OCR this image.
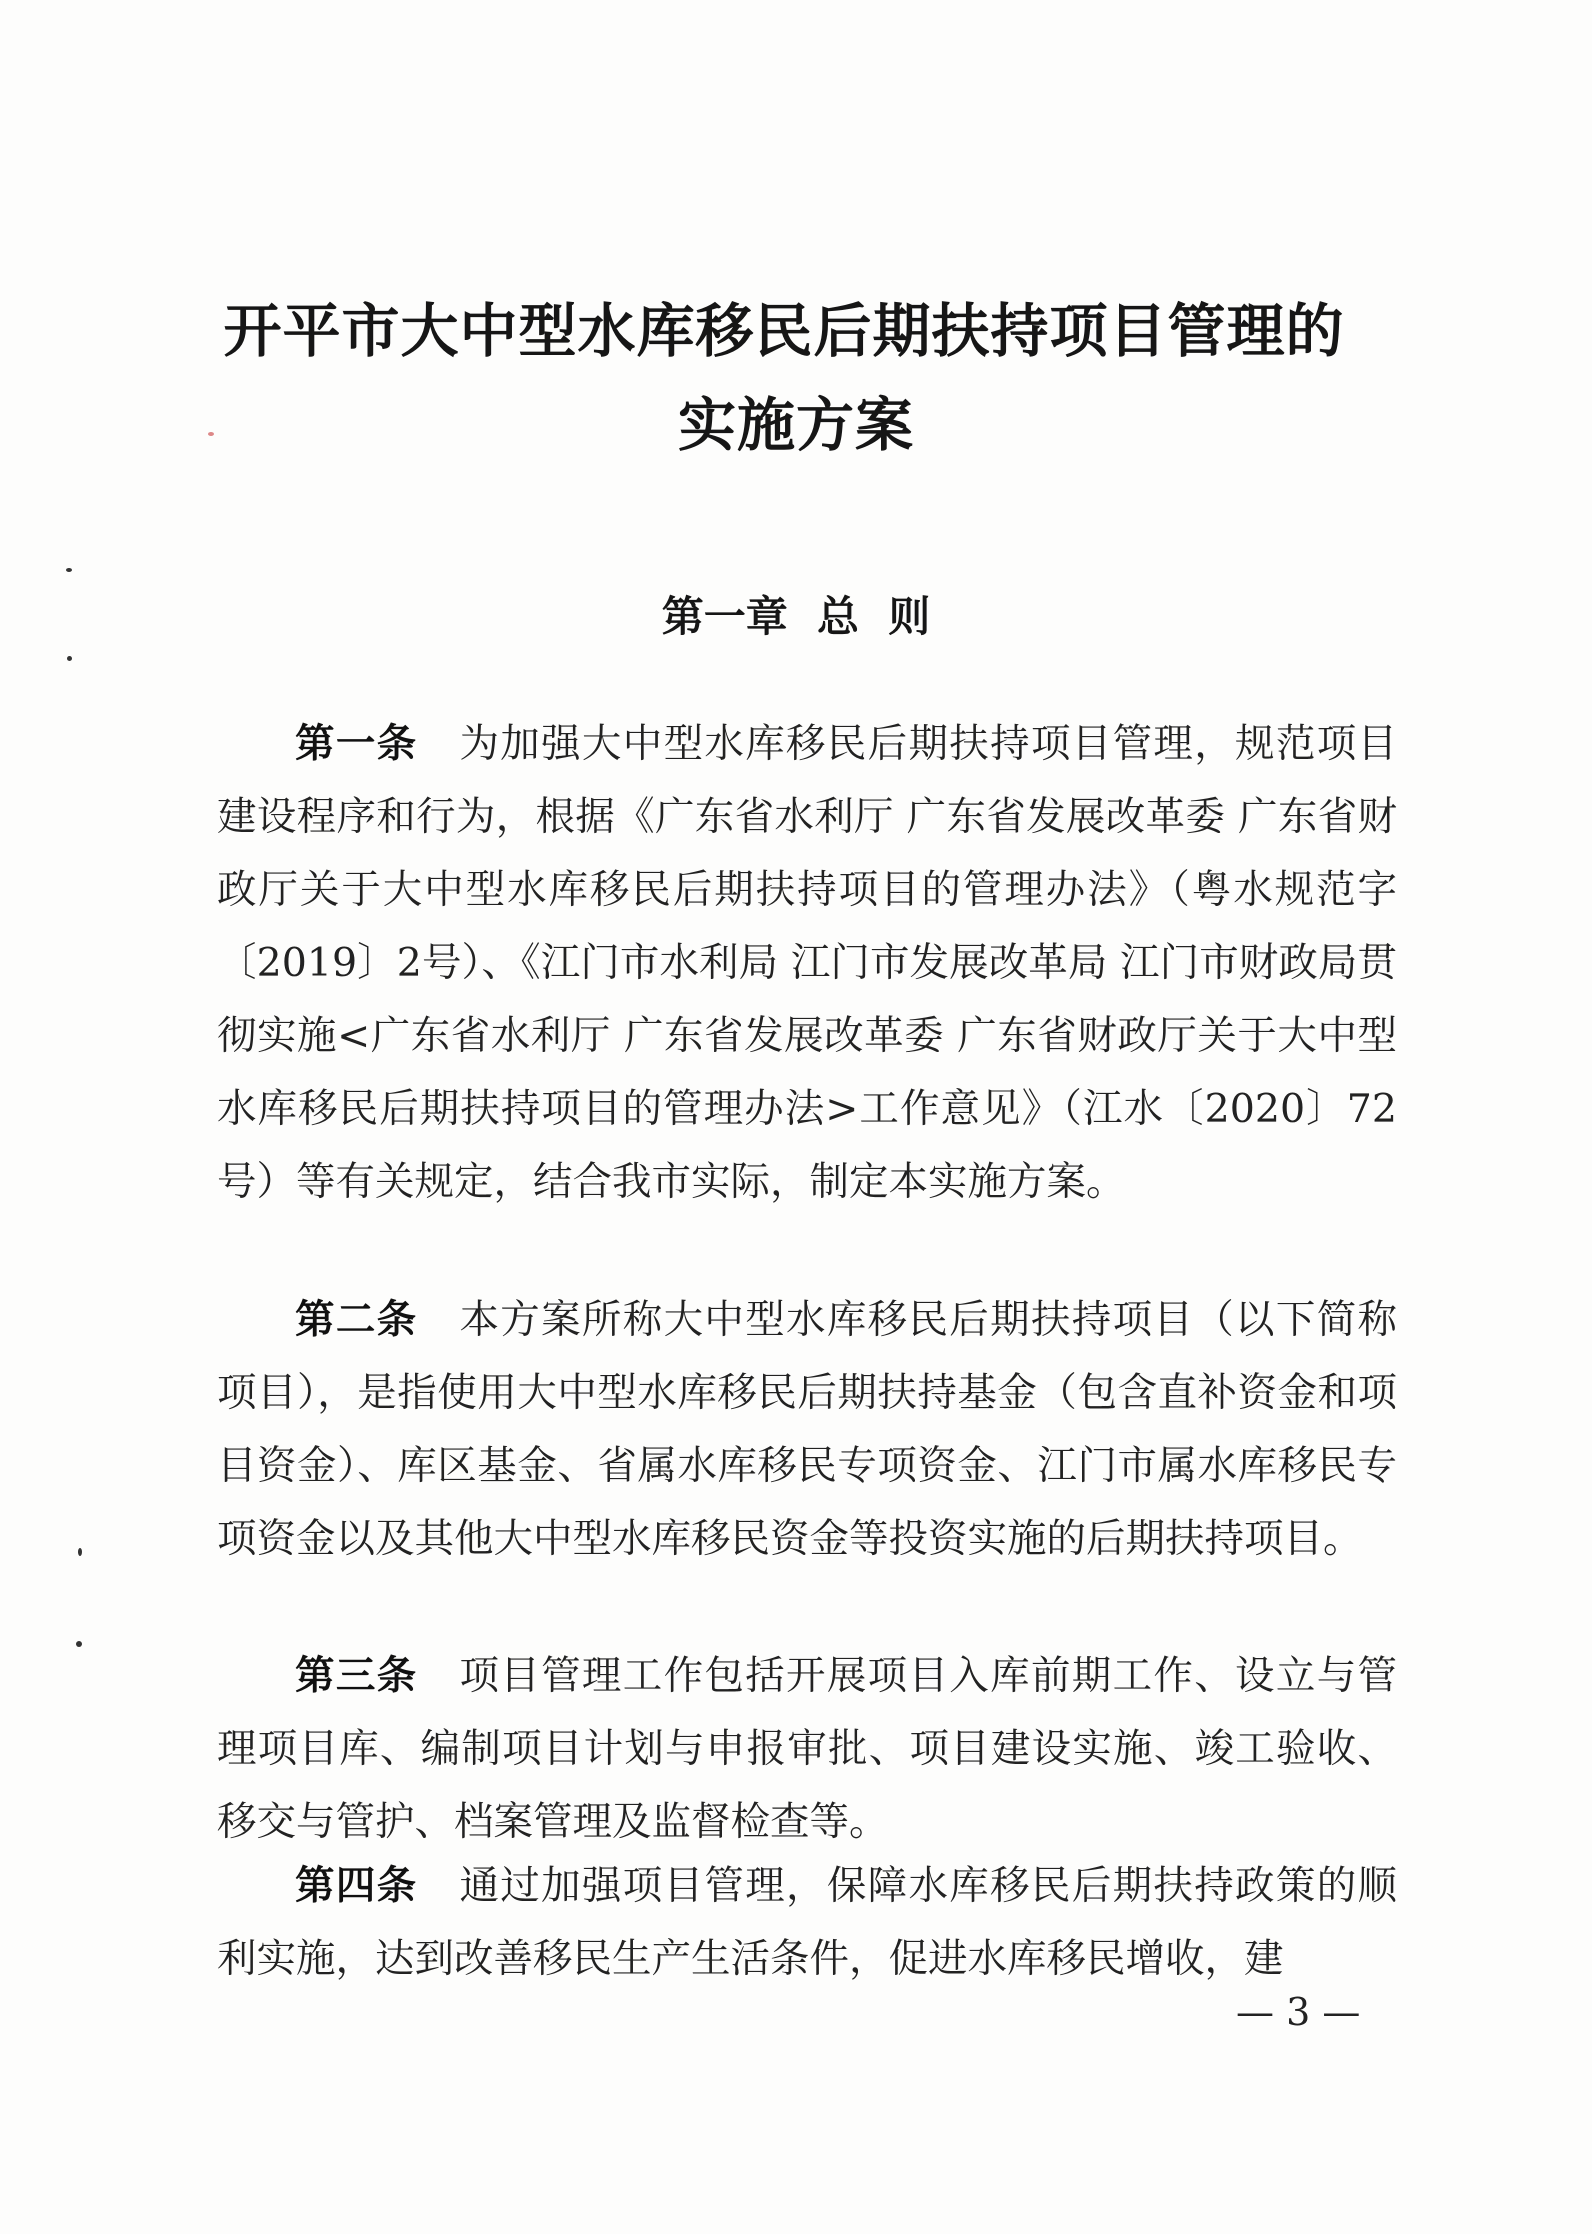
开平市大中型水库移民后期扶持项目管理的
实施方案
第一章  总  则

第一条 为加强大中型水库移民后期扶持项目管理，规范项目建设程序和行为，根据《广东省水利厅 广东省发展改革委 广东省财政厅关于大中型水库移民后期扶持项目的管理办法》（粤水规范字〔2019〕2号）、《江门市水利局 江门市发展改革局 江门市财政局贯彻实施<广东省水利厅 广东省发展改革委 广东省财政厅关于大中型水库移民后期扶持项目的管理办法>工作意见》（江水〔2020〕72号）等有关规定，结合我市实际，制定本实施方案。

第二条 本方案所称大中型水库移民后期扶持项目（以下简称项目），是指使用大中型水库移民后期扶持基金（包含直补资金和项目资金）、库区基金、省属水库移民专项资金、江门市属水库移民专项资金以及其他大中型水库移民资金等投资实施的后期扶持项目。

第三条 项目管理工作包括开展项目入库前期工作、设立与管理项目库、编制项目计划与申报审批、项目建设实施、竣工验收、移交与管护、档案管理及监督检查等。

第四条 通过加强项目管理，保障水库移民后期扶持政策的顺利实施，达到改善移民生产生活条件，促进水库移民增收，建

— 3 —
